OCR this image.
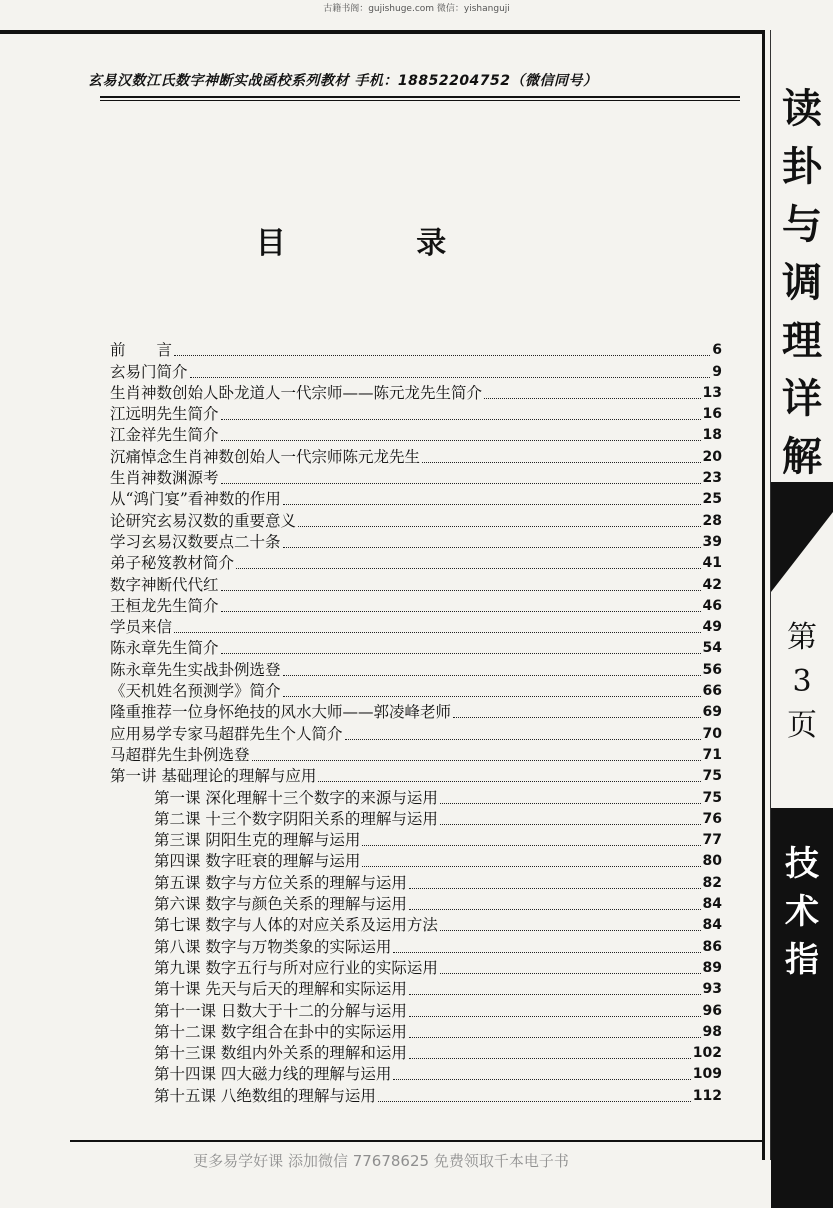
古籍书阁：gujishuge.com 微信：yishanguji
玄易汉数江氏数字神断实战函校系列教材 手机：18852204752（微信同号）
目 录
前　　言	6
玄易门简介	9
生肖神数创始人卧龙道人一代宗师——陈元龙先生简介	13
江远明先生简介	16
江金祥先生简介	18
沉痛悼念生肖神数创始人一代宗师陈元龙先生	20
生肖神数渊源考	23
从“鸿门宴”看神数的作用	25
论研究玄易汉数的重要意义	28
学习玄易汉数要点二十条	39
弟子秘笈教材简介	41
数字神断代代红	42
王桓龙先生简介	46
学员来信	49
陈永章先生简介	54
陈永章先生实战卦例选登	56
《天机姓名预测学》简介	66
隆重推荐一位身怀绝技的风水大师——郭凌峰老师	69
应用易学专家马超群先生个人简介	70
马超群先生卦例选登	71
第一讲 基础理论的理解与应用	75
第一课 深化理解十三个数字的来源与运用	75
第二课 十三个数字阴阳关系的理解与运用	76
第三课 阴阳生克的理解与运用	77
第四课 数字旺衰的理解与运用	80
第五课 数字与方位关系的理解与运用	82
第六课 数字与颜色关系的理解与运用	84
第七课 数字与人体的对应关系及运用方法	84
第八课 数字与万物类象的实际运用	86
第九课 数字五行与所对应行业的实际运用	89
第十课 先天与后天的理解和实际运用	93
第十一课 日数大于十二的分解与运用	96
第十二课 数字组合在卦中的实际运用	98
第十三课 数组内外关系的理解和运用	102
第十四课 四大磁力线的理解与运用	109
第十五课 八绝数组的理解与运用	112
读
卦
与
调
理
详
解
第
3
页
技
术
指
更多易学好课 添加微信 77678625 免费领取千本电子书
